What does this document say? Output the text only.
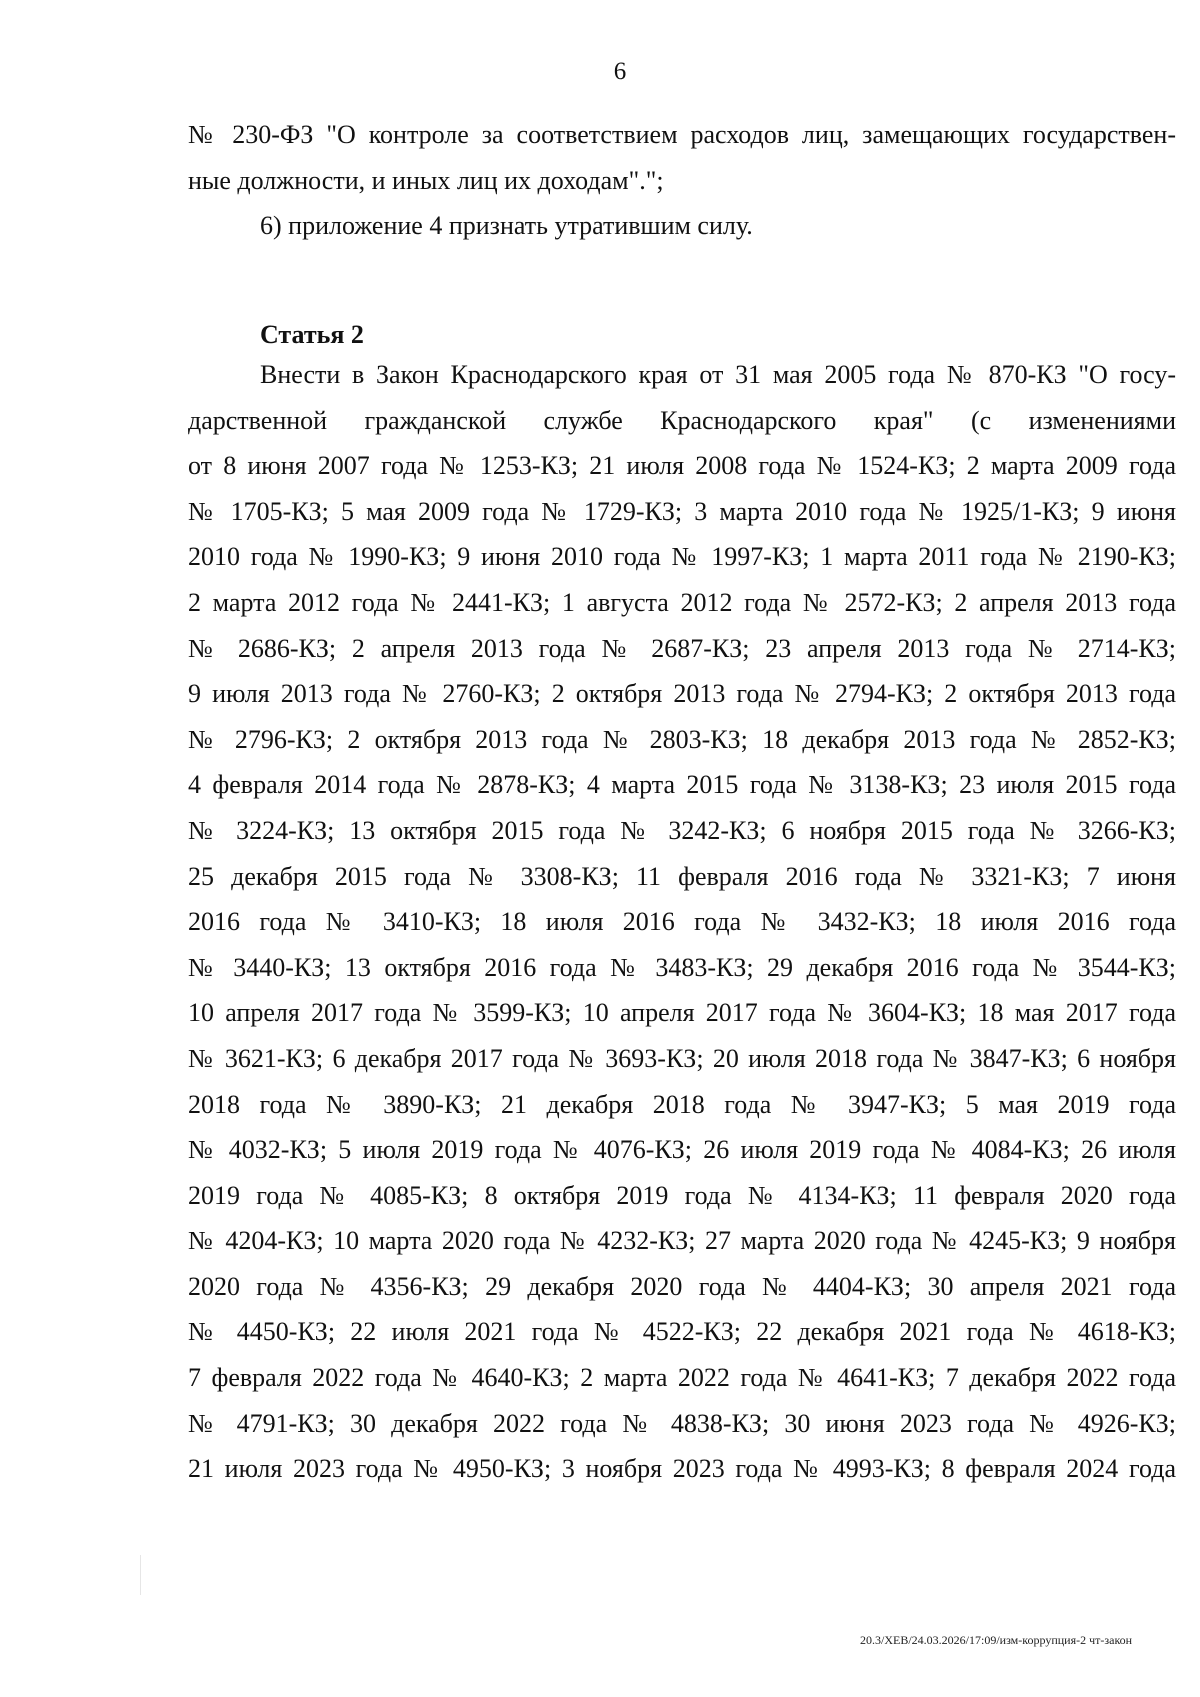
6
№ 230-ФЗ "О контроле за соответствием расходов лиц, замещающих государствен-
ные должности, и иных лиц их доходам".";
6) приложение 4 признать утратившим силу.
Статья 2
Внести в Закон Краснодарского края от 31 мая 2005 года № 870-КЗ "О госу-
дарственной гражданской службе Краснодарского края" (с изменениями
от 8 июня 2007 года № 1253-КЗ; 21 июля 2008 года № 1524-КЗ; 2 марта 2009 года
№ 1705-КЗ; 5 мая 2009 года № 1729-КЗ; 3 марта 2010 года № 1925/1-КЗ; 9 июня
2010 года № 1990-КЗ; 9 июня 2010 года № 1997-КЗ; 1 марта 2011 года № 2190-КЗ;
2 марта 2012 года № 2441-КЗ; 1 августа 2012 года № 2572-КЗ; 2 апреля 2013 года
№ 2686-КЗ; 2 апреля 2013 года № 2687-КЗ; 23 апреля 2013 года № 2714-КЗ;
9 июля 2013 года № 2760-КЗ; 2 октября 2013 года № 2794-КЗ; 2 октября 2013 года
№ 2796-КЗ; 2 октября 2013 года № 2803-КЗ; 18 декабря 2013 года № 2852-КЗ;
4 февраля 2014 года № 2878-КЗ; 4 марта 2015 года № 3138-КЗ; 23 июля 2015 года
№ 3224-КЗ; 13 октября 2015 года № 3242-КЗ; 6 ноября 2015 года № 3266-КЗ;
25 декабря 2015 года № 3308-КЗ; 11 февраля 2016 года № 3321-КЗ; 7 июня
2016 года № 3410-КЗ; 18 июля 2016 года № 3432-КЗ; 18 июля 2016 года
№ 3440-КЗ; 13 октября 2016 года № 3483-КЗ; 29 декабря 2016 года № 3544-КЗ;
10 апреля 2017 года № 3599-КЗ; 10 апреля 2017 года № 3604-КЗ; 18 мая 2017 года
№ 3621-КЗ; 6 декабря 2017 года № 3693-КЗ; 20 июля 2018 года № 3847-КЗ; 6 ноября
2018 года № 3890-КЗ; 21 декабря 2018 года № 3947-КЗ; 5 мая 2019 года
№ 4032-КЗ; 5 июля 2019 года № 4076-КЗ; 26 июля 2019 года № 4084-КЗ; 26 июля
2019 года № 4085-КЗ; 8 октября 2019 года № 4134-КЗ; 11 февраля 2020 года
№ 4204-КЗ; 10 марта 2020 года № 4232-КЗ; 27 марта 2020 года № 4245-КЗ; 9 ноября
2020 года № 4356-КЗ; 29 декабря 2020 года № 4404-КЗ; 30 апреля 2021 года
№ 4450-КЗ; 22 июля 2021 года № 4522-КЗ; 22 декабря 2021 года № 4618-КЗ;
7 февраля 2022 года № 4640-КЗ; 2 марта 2022 года № 4641-КЗ; 7 декабря 2022 года
№ 4791-КЗ; 30 декабря 2022 года № 4838-КЗ; 30 июня 2023 года № 4926-КЗ;
21 июля 2023 года № 4950-КЗ; 3 ноября 2023 года № 4993-КЗ; 8 февраля 2024 года
20.3/ХЕВ/24.03.2026/17:09/изм-коррупция-2 чт-закон
